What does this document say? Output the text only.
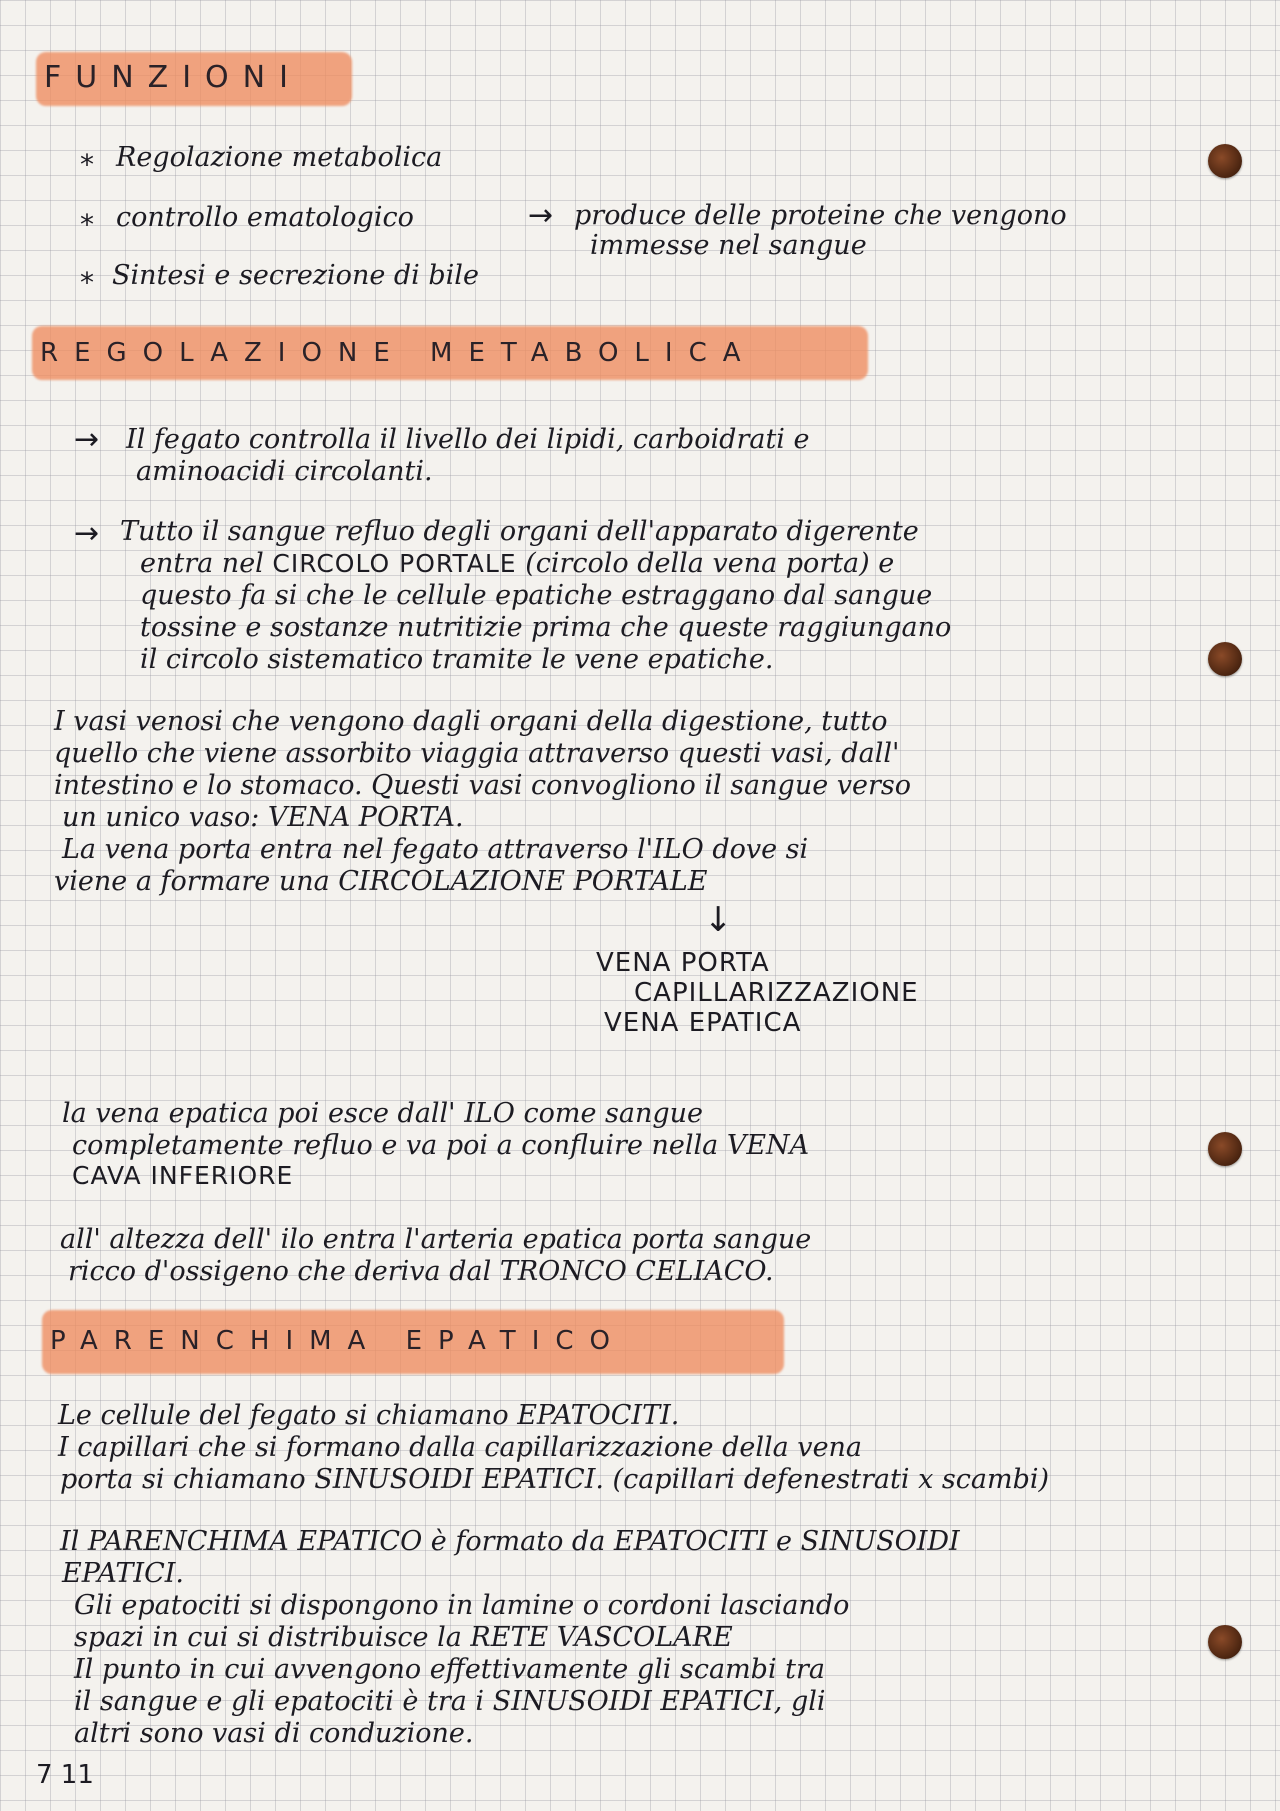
FUNZIONI
* Regolazione metabolica

* controllo ematologico	→ produce delle proteine che vengono

immesse nel sangue

* Sintesi e secrezione di bile

REGOLAZIONE METABOLICA
→ Il fegato controlla il livello dei lipidi, carboidrati e

aminoacidi circolanti.

→ Tutto il sangue refluo degli organi dell'apparato digerente

entra nel CIRCOLO PORTALE (circolo della vena porta) e

questo fa si che le cellule epatiche estraggano dal sangue

tossine e sostanze nutritizie prima che queste raggiungano

il circolo sistematico tramite le vene epatiche.

I vasi venosi che vengono dagli organi della digestione, tutto

quello che viene assorbito viaggia attraverso questi vasi, dall'

intestino e lo stomaco. Questi vasi convogliono il sangue verso

un unico vaso: VENA PORTA.

La vena porta entra nel fegato attraverso l'ILO dove si

viene a formare una CIRCOLAZIONE PORTALE

↓

VENA PORTA

CAPILLARIZZAZIONE

VENA EPATICA

la vena epatica poi esce dall' ILO come sangue

completamente refluo e va poi a confluire nella VENA

CAVA INFERIORE

all' altezza dell' ilo entra l'arteria epatica porta sangue

ricco d'ossigeno che deriva dal TRONCO CELIACO.

PARENCHIMA EPATICO

Le cellule del fegato si chiamano EPATOCITI.

I capillari che si formano dalla capillarizzazione della vena

porta si chiamano SINUSOIDI EPATICI. (capillari defenestrati x scambi)

Il PARENCHIMA EPATICO è formato da EPATOCITI e SINUSOIDI

EPATICI.

Gli epatociti si dispongono in lamine o cordoni lasciando

spazi in cui si distribuisce la RETE VASCOLARE

Il punto in cui avvengono effettivamente gli scambi tra

il sangue e gli epatociti è tra i SINUSOIDI EPATICI, gli

altri sono vasi di conduzione.

7 11
